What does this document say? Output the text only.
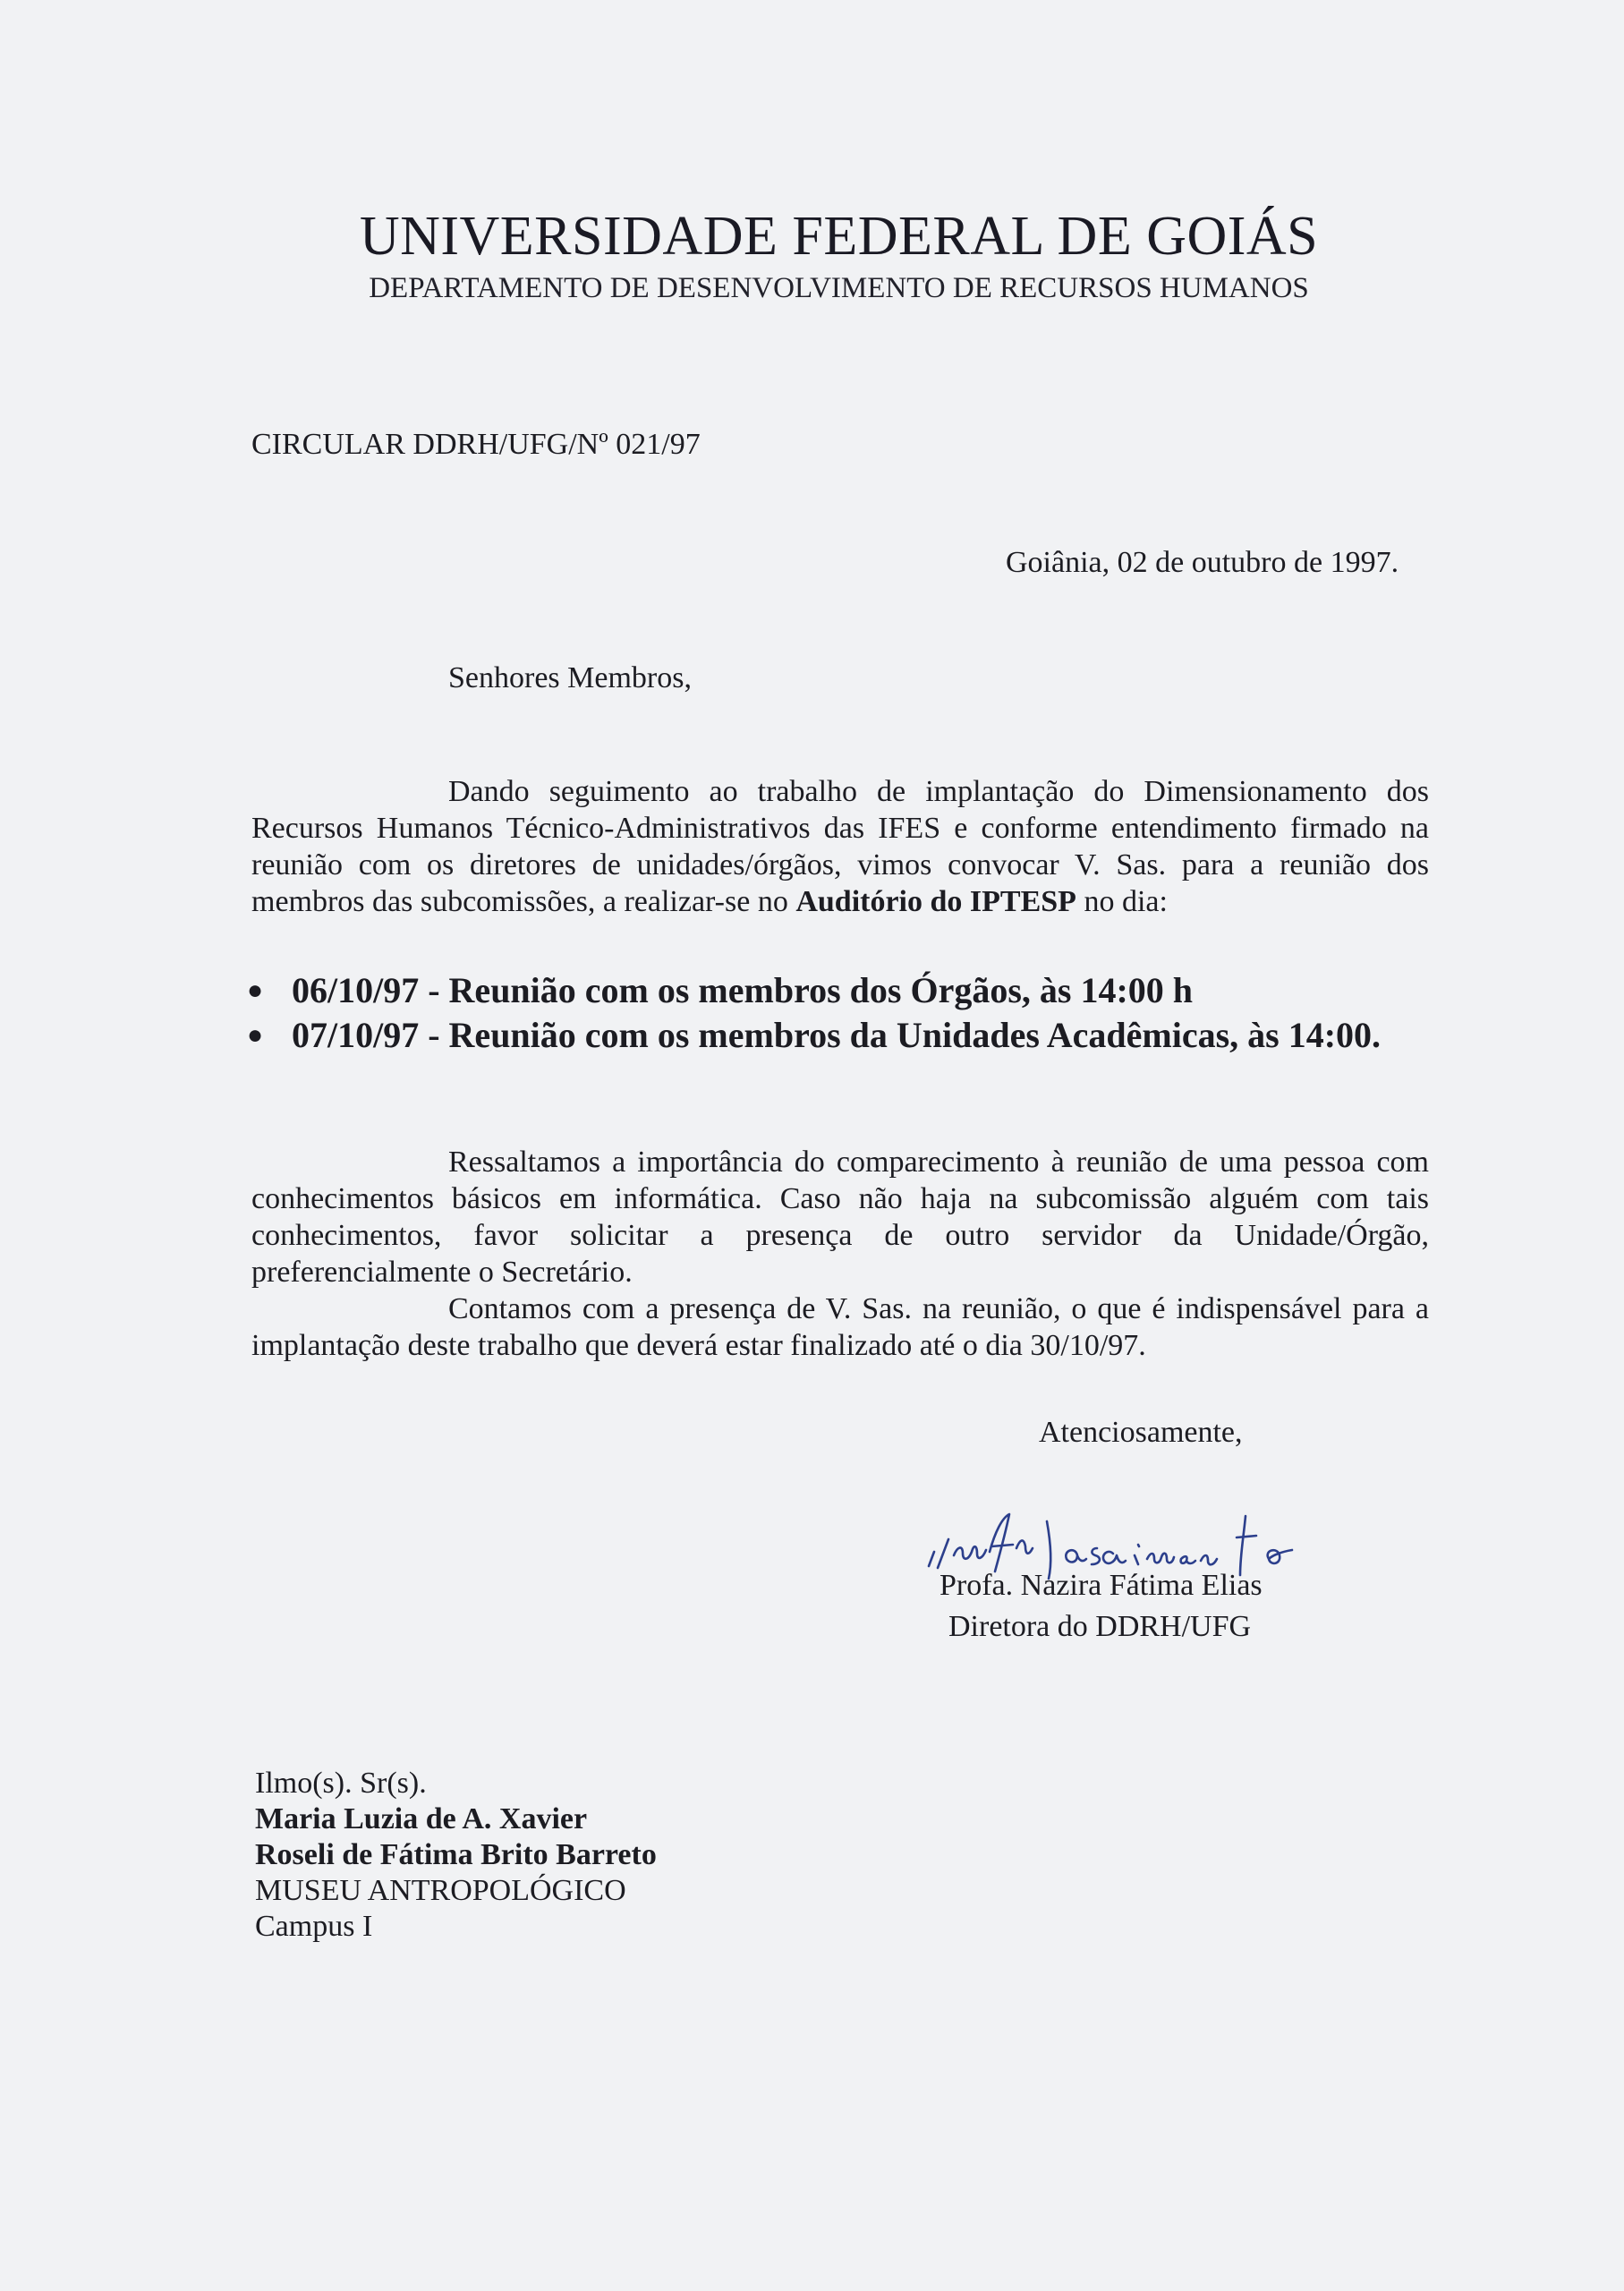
UNIVERSIDADE FEDERAL DE GOIÁS
DEPARTAMENTO DE DESENVOLVIMENTO DE RECURSOS HUMANOS
CIRCULAR DDRH/UFG/Nº 021/97
Goiânia, 02 de outubro de 1997.
Senhores Membros,
Dando seguimento ao trabalho de implantação do Dimensionamento dos Recursos Humanos Técnico-Administrativos das IFES e conforme entendimento firmado na reunião com os diretores de unidades/órgãos, vimos convocar V. Sas. para a reunião dos membros das subcomissões, a realizar-se no Auditório do IPTESP no dia:
● 06/10/97 - Reunião com os membros dos Órgãos, às 14:00 h
● 07/10/97 - Reunião com os membros da Unidades Acadêmicas, às 14:00.
Ressaltamos a importância do comparecimento à reunião de uma pessoa com conhecimentos básicos em informática. Caso não haja na subcomissão alguém com tais conhecimentos, favor solicitar a presença de outro servidor da Unidade/Órgão, preferencialmente o Secretário.
Contamos com a presença de V. Sas. na reunião, o que é indispensável para a implantação deste trabalho que deverá estar finalizado até o dia 30/10/97.
Atenciosamente,
Profa. Nazira Fátima Elias
Diretora do DDRH/UFG
Ilmo(s). Sr(s).
Maria Luzia de A. Xavier
Roseli de Fátima Brito Barreto
MUSEU ANTROPOLÓGICO
Campus I
